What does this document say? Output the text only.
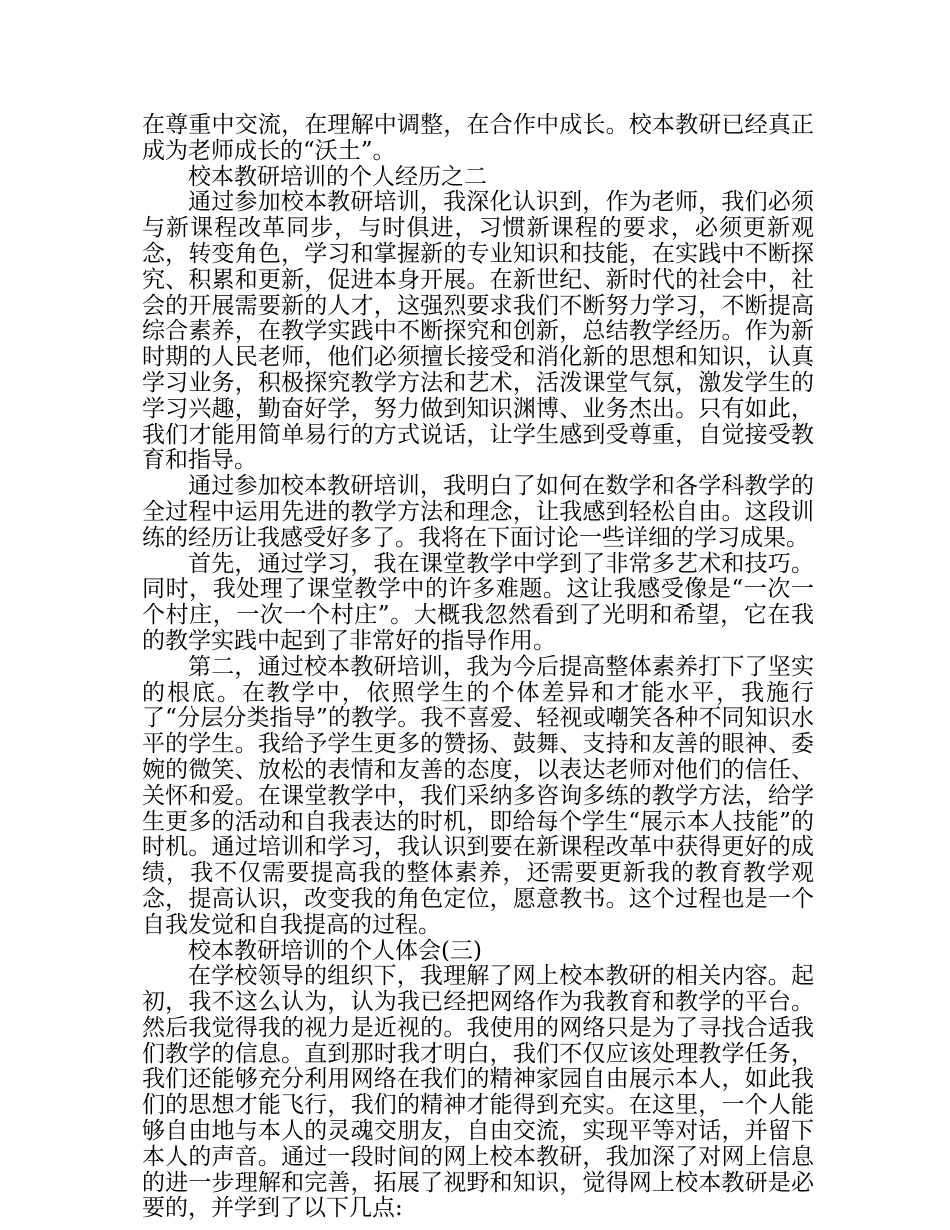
在尊重中交流，在理解中调整，在合作中成长。校本教研已经真正成为老师成长的“沃土”。

校本教研培训的个人经历之二

通过参加校本教研培训，我深化认识到，作为老师，我们必须与新课程改革同步，与时俱进，习惯新课程的要求，必须更新观念，转变角色，学习和掌握新的专业知识和技能，在实践中不断探究、积累和更新，促进本身开展。在新世纪、新时代的社会中，社会的开展需要新的人才，这强烈要求我们不断努力学习，不断提高综合素养，在教学实践中不断探究和创新，总结教学经历。作为新时期的人民老师，他们必须擅长接受和消化新的思想和知识，认真学习业务，积极探究教学方法和艺术，活泼课堂气氛，激发学生的学习兴趣，勤奋好学，努力做到知识渊博、业务杰出。只有如此，我们才能用简单易行的方式说话，让学生感到受尊重，自觉接受教育和指导。

通过参加校本教研培训，我明白了如何在数学和各学科教学的全过程中运用先进的教学方法和理念，让我感到轻松自由。这段训练的经历让我感受好多了。我将在下面讨论一些详细的学习成果。

首先，通过学习，我在课堂教学中学到了非常多艺术和技巧。同时，我处理了课堂教学中的许多难题。这让我感受像是“一次一个村庄，一次一个村庄”。大概我忽然看到了光明和希望，它在我的教学实践中起到了非常好的指导作用。

第二，通过校本教研培训，我为今后提高整体素养打下了坚实的根底。在教学中，依照学生的个体差异和才能水平，我施行了“分层分类指导”的教学。我不喜爱、轻视或嘲笑各种不同知识水平的学生。我给予学生更多的赞扬、鼓舞、支持和友善的眼神、委婉的微笑、放松的表情和友善的态度，以表达老师对他们的信任、关怀和爱。在课堂教学中，我们采纳多咨询多练的教学方法，给学生更多的活动和自我表达的时机，即给每个学生“展示本人技能”的时机。通过培训和学习，我认识到要在新课程改革中获得更好的成绩，我不仅需要提高我的整体素养，还需要更新我的教育教学观念，提高认识，改变我的角色定位，愿意教书。这个过程也是一个自我发觉和自我提高的过程。

校本教研培训的个人体会(三)

在学校领导的组织下，我理解了网上校本教研的相关内容。起初，我不这么认为，认为我已经把网络作为我教育和教学的平台。然后我觉得我的视力是近视的。我使用的网络只是为了寻找合适我们教学的信息。直到那时我才明白，我们不仅应该处理教学任务，我们还能够充分利用网络在我们的精神家园自由展示本人，如此我们的思想才能飞行，我们的精神才能得到充实。在这里，一个人能够自由地与本人的灵魂交朋友，自由交流，实现平等对话，并留下本人的声音。通过一段时间的网上校本教研，我加深了对网上信息的进一步理解和完善，拓展了视野和知识，觉得网上校本教研是必要的，并学到了以下几点:
